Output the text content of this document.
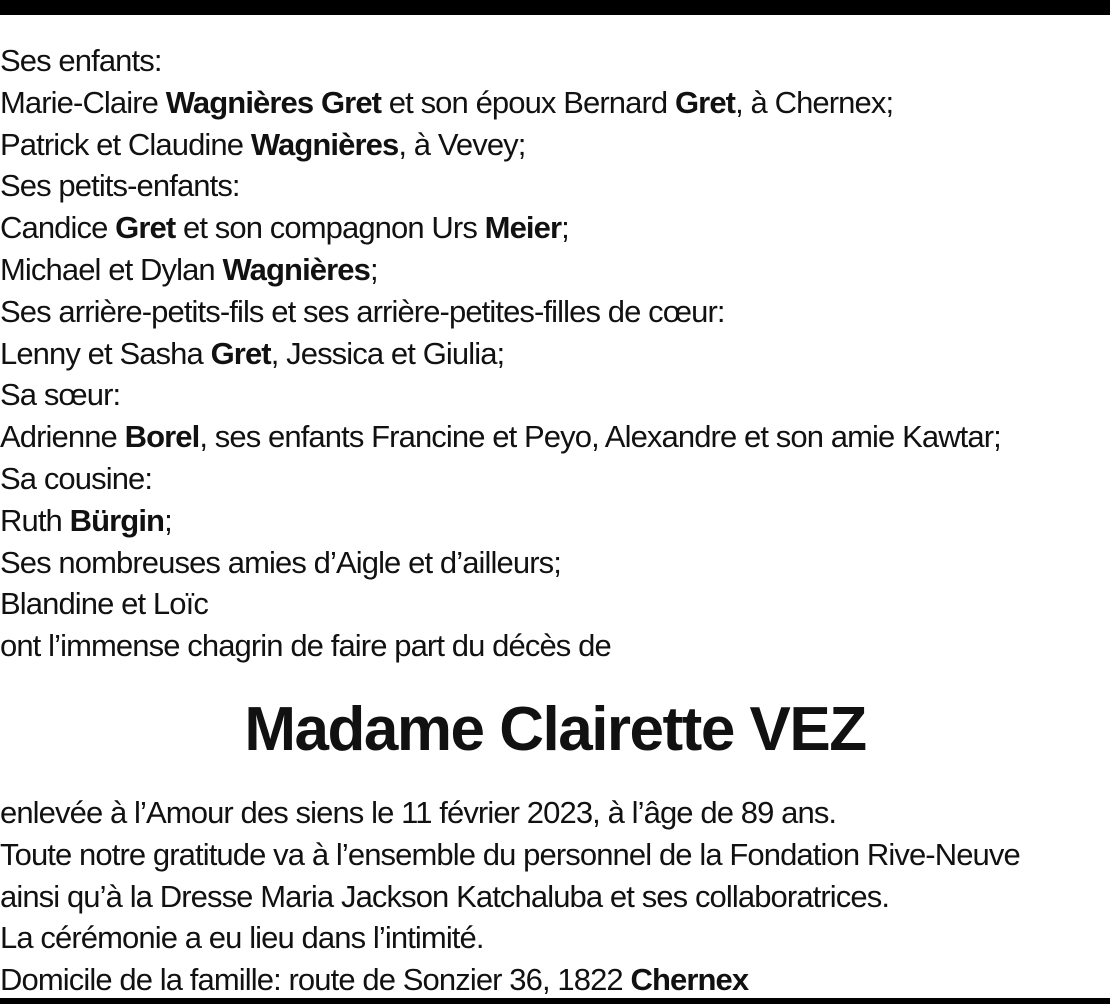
Ses enfants:
Marie-Claire Wagnières Gret et son époux Bernard Gret, à Chernex;
Patrick et Claudine Wagnières, à Vevey;
Ses petits-enfants:
Candice Gret et son compagnon Urs Meier;
Michael et Dylan Wagnières;
Ses arrière-petits-fils et ses arrière-petites-filles de cœur:
Lenny et Sasha Gret, Jessica et Giulia;
Sa sœur:
Adrienne Borel, ses enfants Francine et Peyo, Alexandre et son amie Kawtar;
Sa cousine:
Ruth Bürgin;
Ses nombreuses amies d’Aigle et d’ailleurs;
Blandine et Loïc
ont l’immense chagrin de faire part du décès de
Madame Clairette VEZ
enlevée à l’Amour des siens le 11 février 2023, à l’âge de 89 ans.
Toute notre gratitude va à l’ensemble du personnel de la Fondation Rive-Neuve
ainsi qu’à la Dresse Maria Jackson Katchaluba et ses collaboratrices.
La cérémonie a eu lieu dans l’intimité.
Domicile de la famille: route de Sonzier 36, 1822 Chernex
